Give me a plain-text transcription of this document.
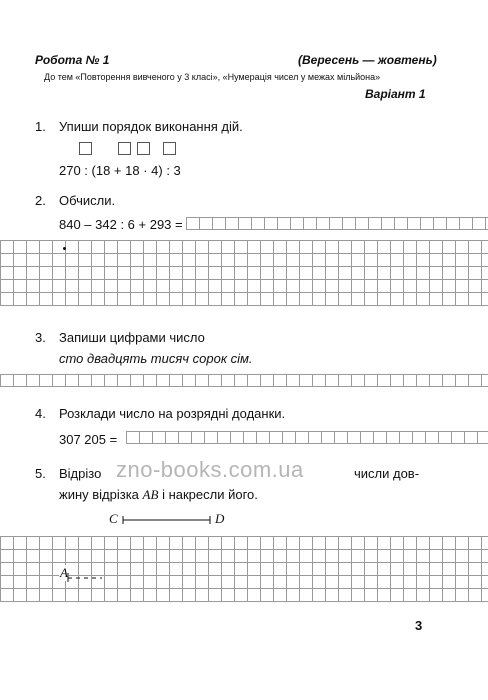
Робота № 1	(Вересень — жовтень)
До тем «Повторення вивченого у 3 класі», «Нумерація чисел у межах мільйона»
Варіант 1
1. Упиши порядок виконання дій.
270 : (18 + 18 · 4) : 3
2. Обчисли.
840 – 342 : 6 + 293 =
3. Запиши цифрами число
сто двадцять тисяч сорок сім.
4. Розклади число на розрядні доданки.
307 205 =
5. Відрізо	числи дов-
жину відрізка AB і накресли його.
zno-books.com.ua
C	D
A
3
